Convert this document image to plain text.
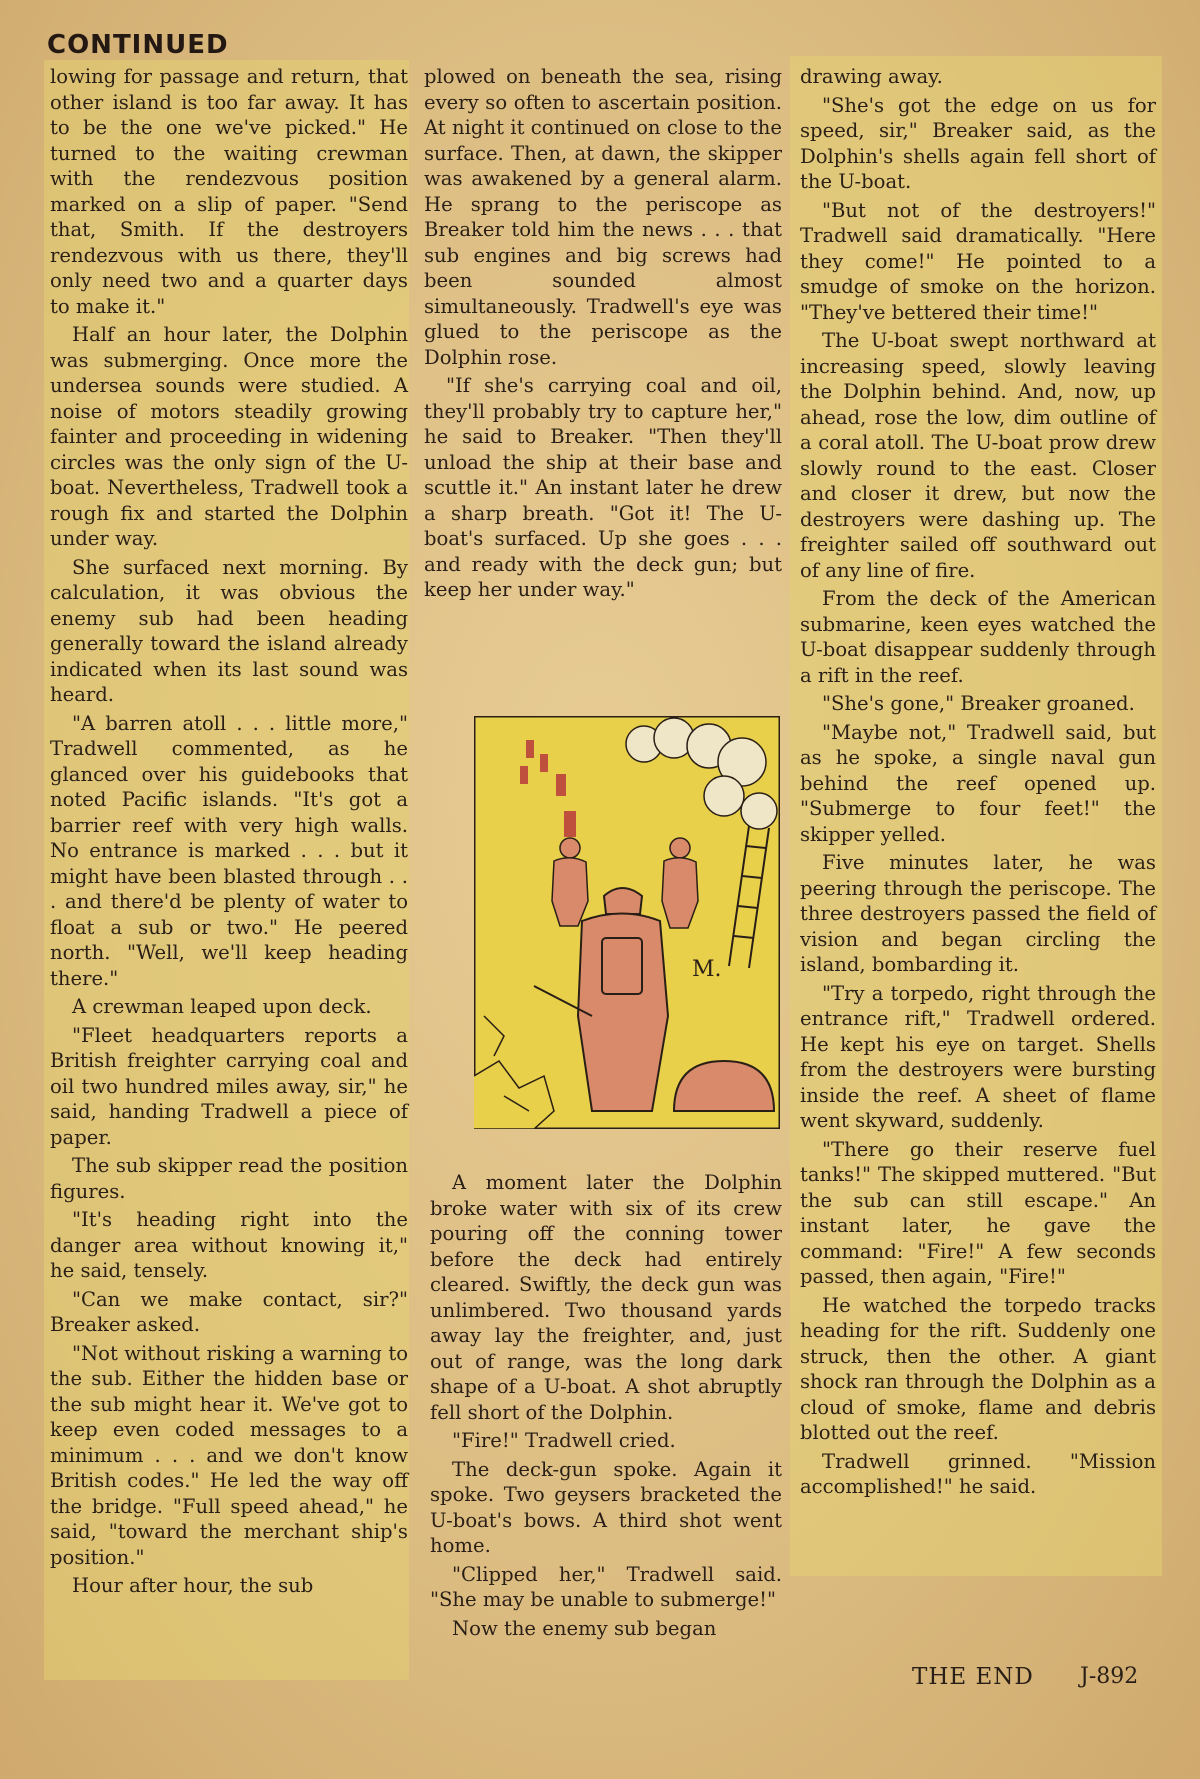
CONTINUED

lowing for passage and return, that other island is too far away. It has to be the one we've picked." He turned to the waiting crewman with the rendezvous position marked on a slip of paper. "Send that, Smith. If the destroyers rendezvous with us there, they'll only need two and a quarter days to make it."

Half an hour later, the Dolphin was submerging. Once more the undersea sounds were studied. A noise of motors steadily growing fainter and proceeding in widening circles was the only sign of the U-boat. Nevertheless, Tradwell took a rough fix and started the Dolphin under way.

She surfaced next morning. By calculation, it was obvious the enemy sub had been heading generally toward the island already indicated when its last sound was heard.

"A barren atoll . . . little more," Tradwell commented, as he glanced over his guidebooks that noted Pacific islands. "It's got a barrier reef with very high walls. No entrance is marked . . . but it might have been blasted through . . . and there'd be plenty of water to float a sub or two." He peered north. "Well, we'll keep heading there."

A crewman leaped upon deck.

"Fleet headquarters reports a British freighter carrying coal and oil two hundred miles away, sir," he said, handing Tradwell a piece of paper.

The sub skipper read the position figures.

"It's heading right into the danger area without knowing it," he said, tensely.

"Can we make contact, sir?" Breaker asked.

"Not without risking a warning to the sub. Either the hidden base or the sub might hear it. We've got to keep even coded messages to a minimum . . . and we don't know British codes." He led the way off the bridge. "Full speed ahead," he said, "toward the merchant ship's position."

Hour after hour, the sub

plowed on beneath the sea, rising every so often to ascertain position. At night it continued on close to the surface. Then, at dawn, the skipper was awakened by a general alarm. He sprang to the periscope as Breaker told him the news . . . that sub engines and big screws had been sounded almost simultaneously. Tradwell's eye was glued to the periscope as the Dolphin rose.

"If she's carrying coal and oil, they'll probably try to capture her," he said to Breaker. "Then they'll unload the ship at their base and scuttle it." An instant later he drew a sharp breath. "Got it! The U-boat's surfaced. Up she goes . . . and ready with the deck gun; but keep her under way."

M.

A moment later the Dolphin broke water with six of its crew pouring off the conning tower before the deck had entirely cleared. Swiftly, the deck gun was unlimbered. Two thousand yards away lay the freighter, and, just out of range, was the long dark shape of a U-boat. A shot abruptly fell short of the Dolphin.

"Fire!" Tradwell cried.

The deck-gun spoke. Again it spoke. Two geysers bracketed the U-boat's bows. A third shot went home.

"Clipped her," Tradwell said. "She may be unable to submerge!"

Now the enemy sub began

drawing away.

"She's got the edge on us for speed, sir," Breaker said, as the Dolphin's shells again fell short of the U-boat.

"But not of the destroyers!" Tradwell said dramatically. "Here they come!" He pointed to a smudge of smoke on the horizon. "They've bettered their time!"

The U-boat swept northward at increasing speed, slowly leaving the Dolphin behind. And, now, up ahead, rose the low, dim outline of a coral atoll. The U-boat prow drew slowly round to the east. Closer and closer it drew, but now the destroyers were dashing up. The freighter sailed off southward out of any line of fire.

From the deck of the American submarine, keen eyes watched the U-boat disappear suddenly through a rift in the reef.

"She's gone," Breaker groaned.

"Maybe not," Tradwell said, but as he spoke, a single naval gun behind the reef opened up. "Submerge to four feet!" the skipper yelled.

Five minutes later, he was peering through the periscope. The three destroyers passed the field of vision and began circling the island, bombarding it.

"Try a torpedo, right through the entrance rift," Tradwell ordered. He kept his eye on target. Shells from the destroyers were bursting inside the reef. A sheet of flame went skyward, suddenly.

"There go their reserve fuel tanks!" The skipped muttered. "But the sub can still escape." An instant later, he gave the command: "Fire!" A few seconds passed, then again, "Fire!"

He watched the torpedo tracks heading for the rift. Suddenly one struck, then the other. A giant shock ran through the Dolphin as a cloud of smoke, flame and debris blotted out the reef.

Tradwell grinned. "Mission accomplished!" he said.

THE END J-892
